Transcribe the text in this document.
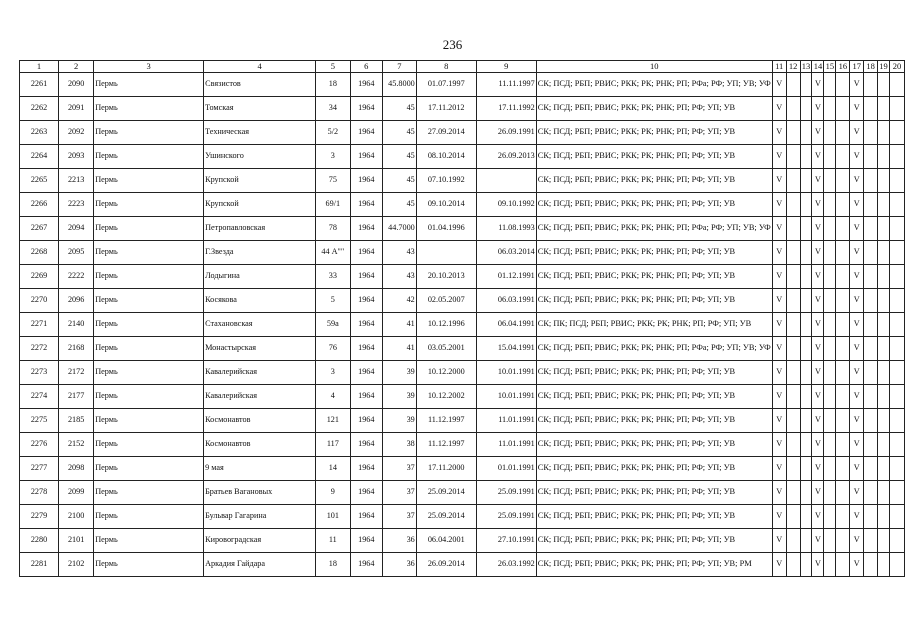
236
1	2	3	4	5	6	7	8	9	10	11	12	13	14	15	16	17	18	19	20
2261	2090	Пермь	Связистов	18	1964	45.8000	01.07.1997	11.11.1997	СК; ПСД; РБП; РВИС; РКК; РК; РНК; РП; РФа; РФ; УП; УВ; УФ	V			V			V			
2262	2091	Пермь	Томская	34	1964	45	17.11.2012	17.11.1992	СК; ПСД; РБП; РВИС; РКК; РК; РНК; РП; РФ; УП; УВ	V			V			V			
2263	2092	Пермь	Техническая	5/2	1964	45	27.09.2014	26.09.1991	СК; ПСД; РБП; РВИС; РКК; РК; РНК; РП; РФ; УП; УВ	V			V			V			
2264	2093	Пермь	Ушинского	3	1964	45	08.10.2014	26.09.2013	СК; ПСД; РБП; РВИС; РКК; РК; РНК; РП; РФ; УП; УВ	V			V			V			
2265	2213	Пермь	Крупской	75	1964	45	07.10.1992		СК; ПСД; РБП; РВИС; РКК; РК; РНК; РП; РФ; УП; УВ	V			V			V			
2266	2223	Пермь	Крупской	69/1	1964	45	09.10.2014	09.10.1992	СК; ПСД; РБП; РВИС; РКК; РК; РНК; РП; РФ; УП; УВ	V			V			V			
2267	2094	Пермь	Петропавловская	78	1964	44.7000	01.04.1996	11.08.1993	СК; ПСД; РБП; РВИС; РКК; РК; РНК; РП; РФа; РФ; УП; УВ; УФ	V			V			V			
2268	2095	Пермь	Г.Звезда	44 А""	1964	43		06.03.2014	СК; ПСД; РБП; РВИС; РКК; РК; РНК; РП; РФ; УП; УВ	V			V			V			
2269	2222	Пермь	Лодыгина	33	1964	43	20.10.2013	01.12.1991	СК; ПСД; РБП; РВИС; РКК; РК; РНК; РП; РФ; УП; УВ	V			V			V			
2270	2096	Пермь	Косякова	5	1964	42	02.05.2007	06.03.1991	СК; ПСД; РБП; РВИС; РКК; РК; РНК; РП; РФ; УП; УВ	V			V			V			
2271	2140	Пермь	Стахановская	59а	1964	41	10.12.1996	06.04.1991	СК; ПК; ПСД; РБП; РВИС; РКК; РК; РНК; РП; РФ; УП; УВ	V			V			V			
2272	2168	Пермь	Монастырская	76	1964	41	03.05.2001	15.04.1991	СК; ПСД; РБП; РВИС; РКК; РК; РНК; РП; РФа; РФ; УП; УВ; УФ	V			V			V			
2273	2172	Пермь	Кавалерийская	3	1964	39	10.12.2000	10.01.1991	СК; ПСД; РБП; РВИС; РКК; РК; РНК; РП; РФ; УП; УВ	V			V			V			
2274	2177	Пермь	Кавалерийская	4	1964	39	10.12.2002	10.01.1991	СК; ПСД; РБП; РВИС; РКК; РК; РНК; РП; РФ; УП; УВ	V			V			V			
2275	2185	Пермь	Космонавтов	121	1964	39	11.12.1997	11.01.1991	СК; ПСД; РБП; РВИС; РКК; РК; РНК; РП; РФ; УП; УВ	V			V			V			
2276	2152	Пермь	Космонавтов	117	1964	38	11.12.1997	11.01.1991	СК; ПСД; РБП; РВИС; РКК; РК; РНК; РП; РФ; УП; УВ	V			V			V			
2277	2098	Пермь	9 мая	14	1964	37	17.11.2000	01.01.1991	СК; ПСД; РБП; РВИС; РКК; РК; РНК; РП; РФ; УП; УВ	V			V			V			
2278	2099	Пермь	Братьев Вагановых	9	1964	37	25.09.2014	25.09.1991	СК; ПСД; РБП; РВИС; РКК; РК; РНК; РП; РФ; УП; УВ	V			V			V			
2279	2100	Пермь	Бульвар Гагарина	101	1964	37	25.09.2014	25.09.1991	СК; ПСД; РБП; РВИС; РКК; РК; РНК; РП; РФ; УП; УВ	V			V			V			
2280	2101	Пермь	Кировоградская	11	1964	36	06.04.2001	27.10.1991	СК; ПСД; РБП; РВИС; РКК; РК; РНК; РП; РФ; УП; УВ	V			V			V			
2281	2102	Пермь	Аркадия Гайдара	18	1964	36	26.09.2014	26.03.1992	СК; ПСД; РБП; РВИС; РКК; РК; РНК; РП; РФ; УП; УВ; РМ	V			V			V			
